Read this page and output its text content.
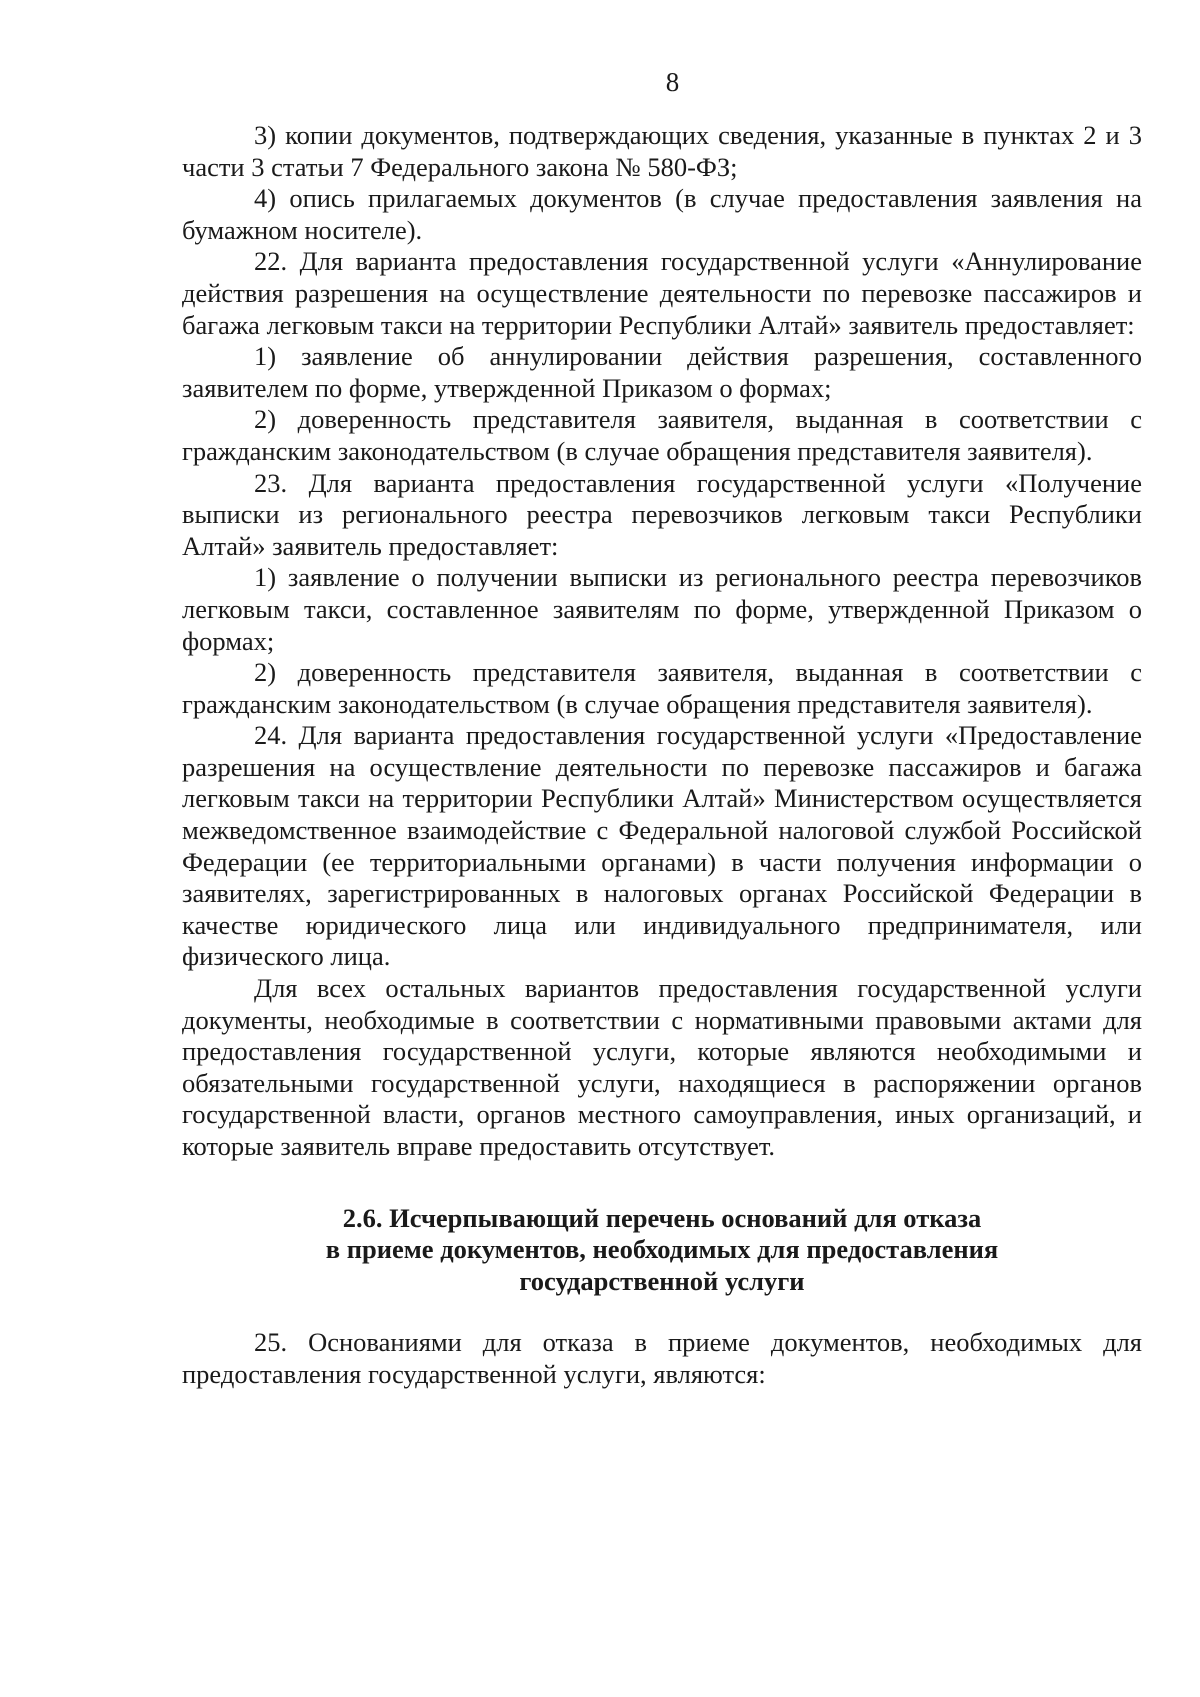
8

3) копии документов, подтверждающих сведения, указанные в пунктах 2 и 3 части 3 статьи 7 Федерального закона № 580-ФЗ;

4) опись прилагаемых документов (в случае предоставления заявления на бумажном носителе).

22. Для варианта предоставления государственной услуги «Аннулирование действия разрешения на осуществление деятельности по перевозке пассажиров и багажа легковым такси на территории Республики Алтай» заявитель предоставляет:

1) заявление об аннулировании действия разрешения, составленного заявителем по форме, утвержденной Приказом о формах;

2) доверенность представителя заявителя, выданная в соответствии с гражданским законодательством (в случае обращения представителя заявителя).

23. Для варианта предоставления государственной услуги «Получение выписки из регионального реестра перевозчиков легковым такси Республики Алтай» заявитель предоставляет:

1) заявление о получении выписки из регионального реестра перевозчиков легковым такси, составленное заявителям по форме, утвержденной Приказом о формах;

2) доверенность представителя заявителя, выданная в соответствии с гражданским законодательством (в случае обращения представителя заявителя).

24. Для варианта предоставления государственной услуги «Предоставление разрешения на осуществление деятельности по перевозке пассажиров и багажа легковым такси на территории Республики Алтай» Министерством осуществляется межведомственное взаимодействие с Федеральной налоговой службой Российской Федерации (ее территориальными органами) в части получения информации о заявителях, зарегистрированных в налоговых органах Российской Федерации в качестве юридического лица или индивидуального предпринимателя, или физического лица.

Для всех остальных вариантов предоставления государственной услуги документы, необходимые в соответствии с нормативными правовыми актами для предоставления государственной услуги, которые являются необходимыми и обязательными государственной услуги, находящиеся в распоряжении органов государственной власти, органов местного самоуправления, иных организаций, и которые заявитель вправе предоставить отсутствует.

2.6. Исчерпывающий перечень оснований для отказа
в приеме документов, необходимых для предоставления
государственной услуги

25. Основаниями для отказа в приеме документов, необходимых для предоставления государственной услуги, являются:
